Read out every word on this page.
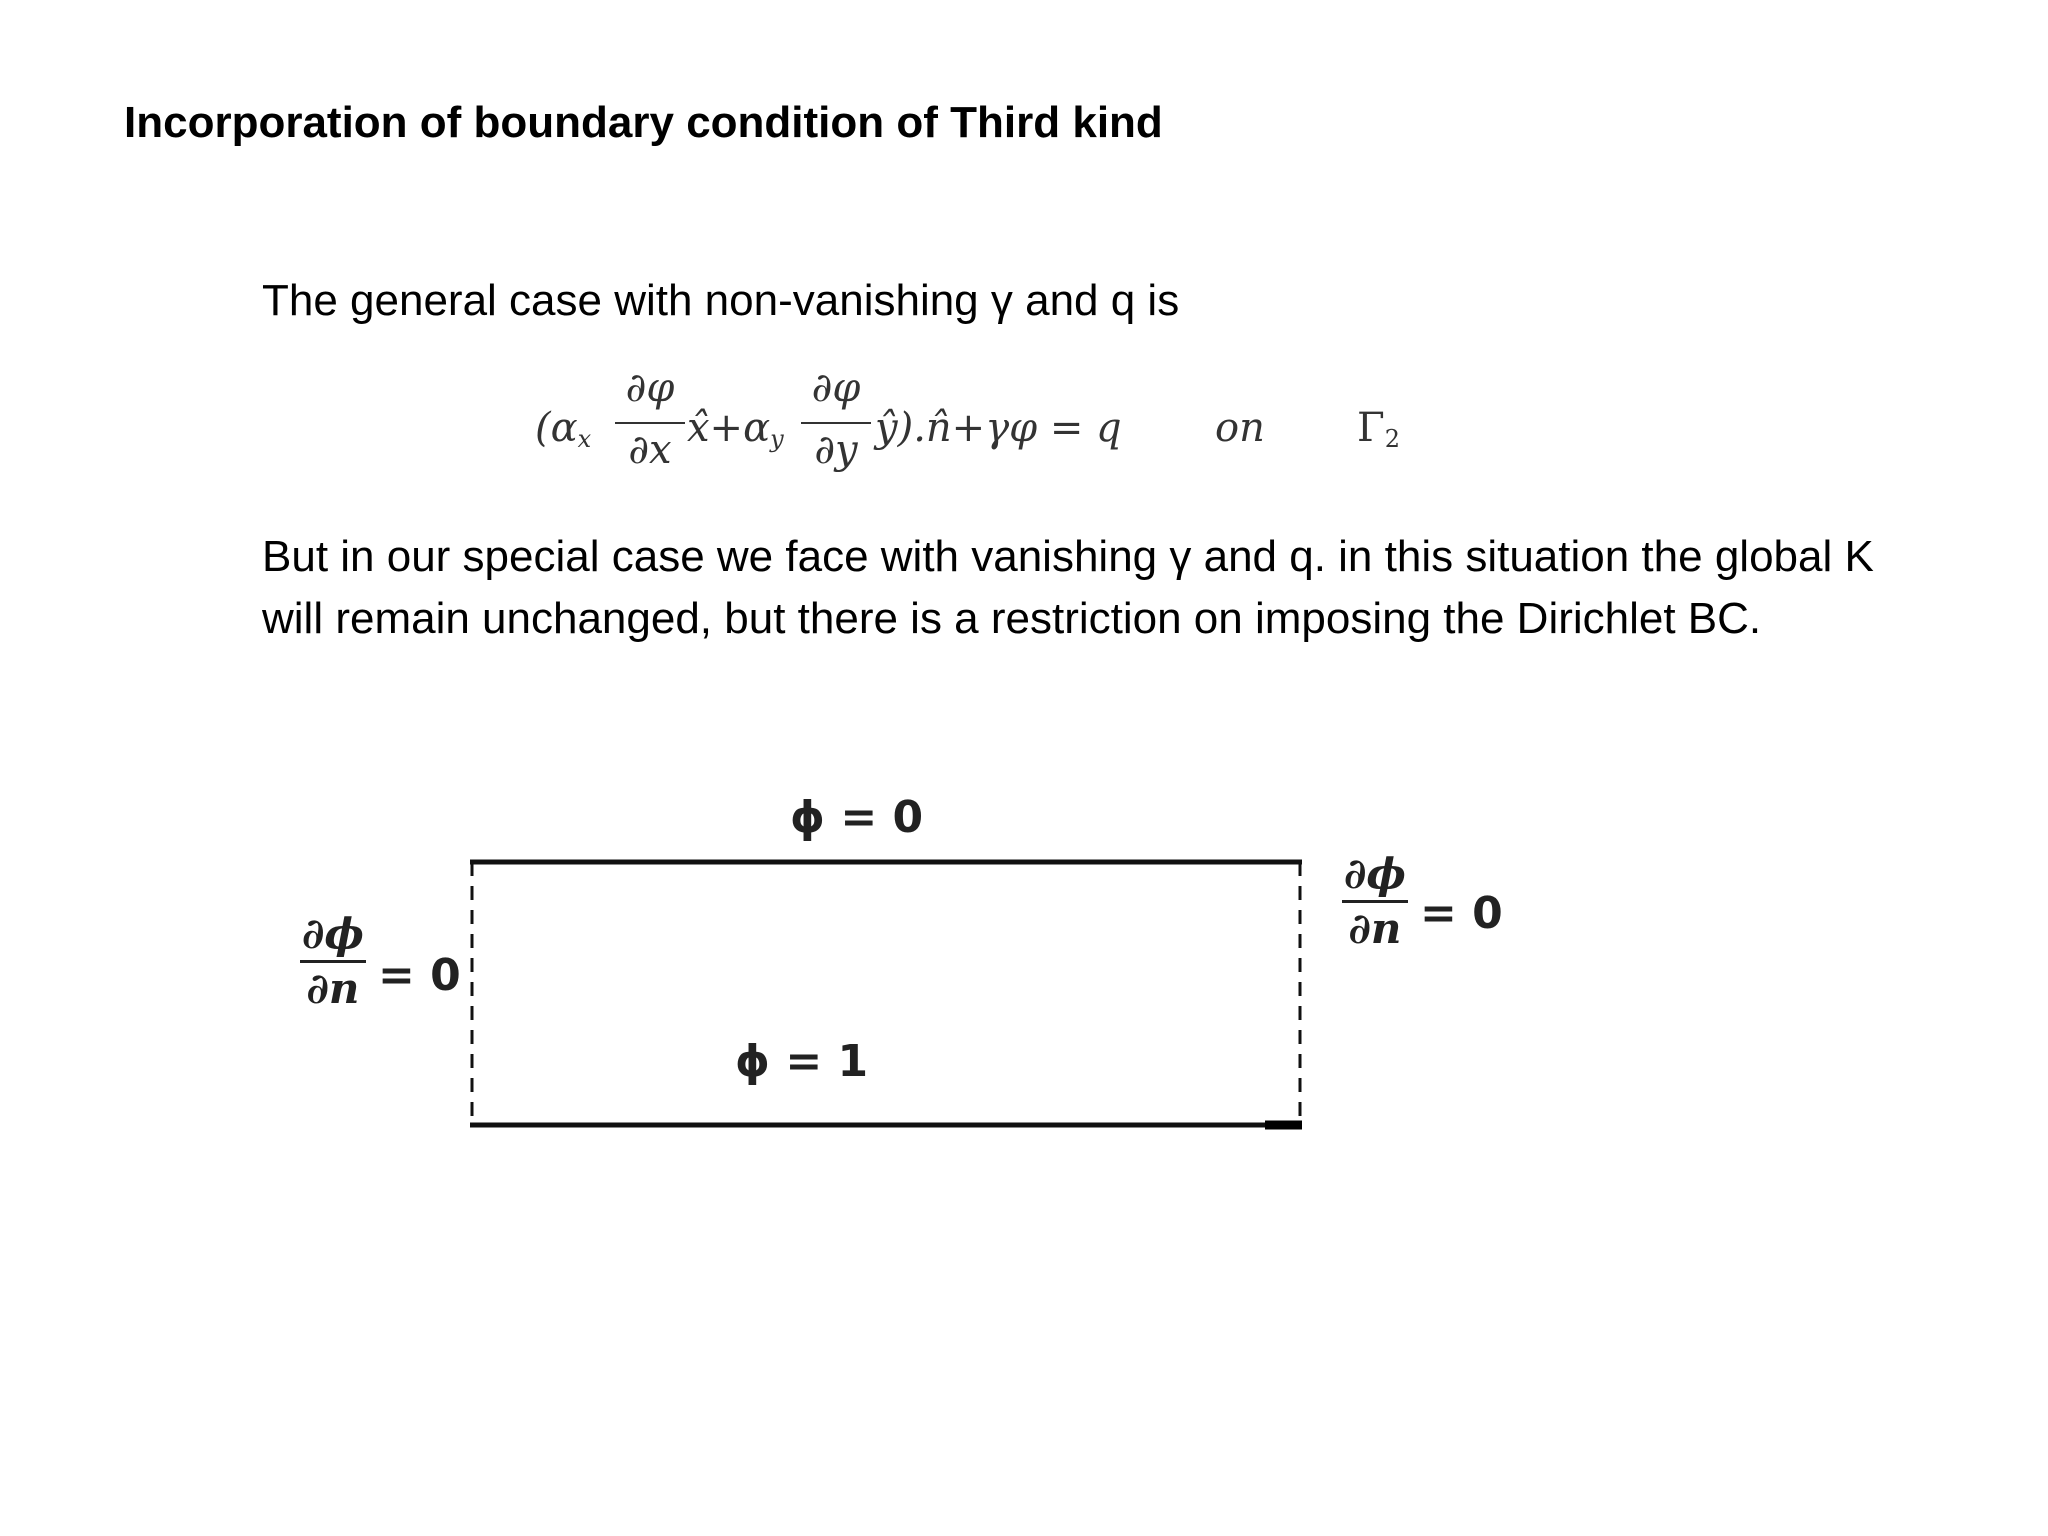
Incorporation of boundary condition of Third kind
The general case with non-vanishing γ and q is
($\alpha_x$
∂φ
∂x $x̂+\alpha_y$
∂φ
∂y ŷ).n̂+γφ = q on $\Gamma_2$
But in our special case we face with vanishing γ and q. in this situation the global K
will remain unchanged, but there is a restriction on imposing the Dirichlet BC.
ϕ = 0
ϕ = 1
∂ϕ
∂n = 0
∂ϕ
∂n = 0
